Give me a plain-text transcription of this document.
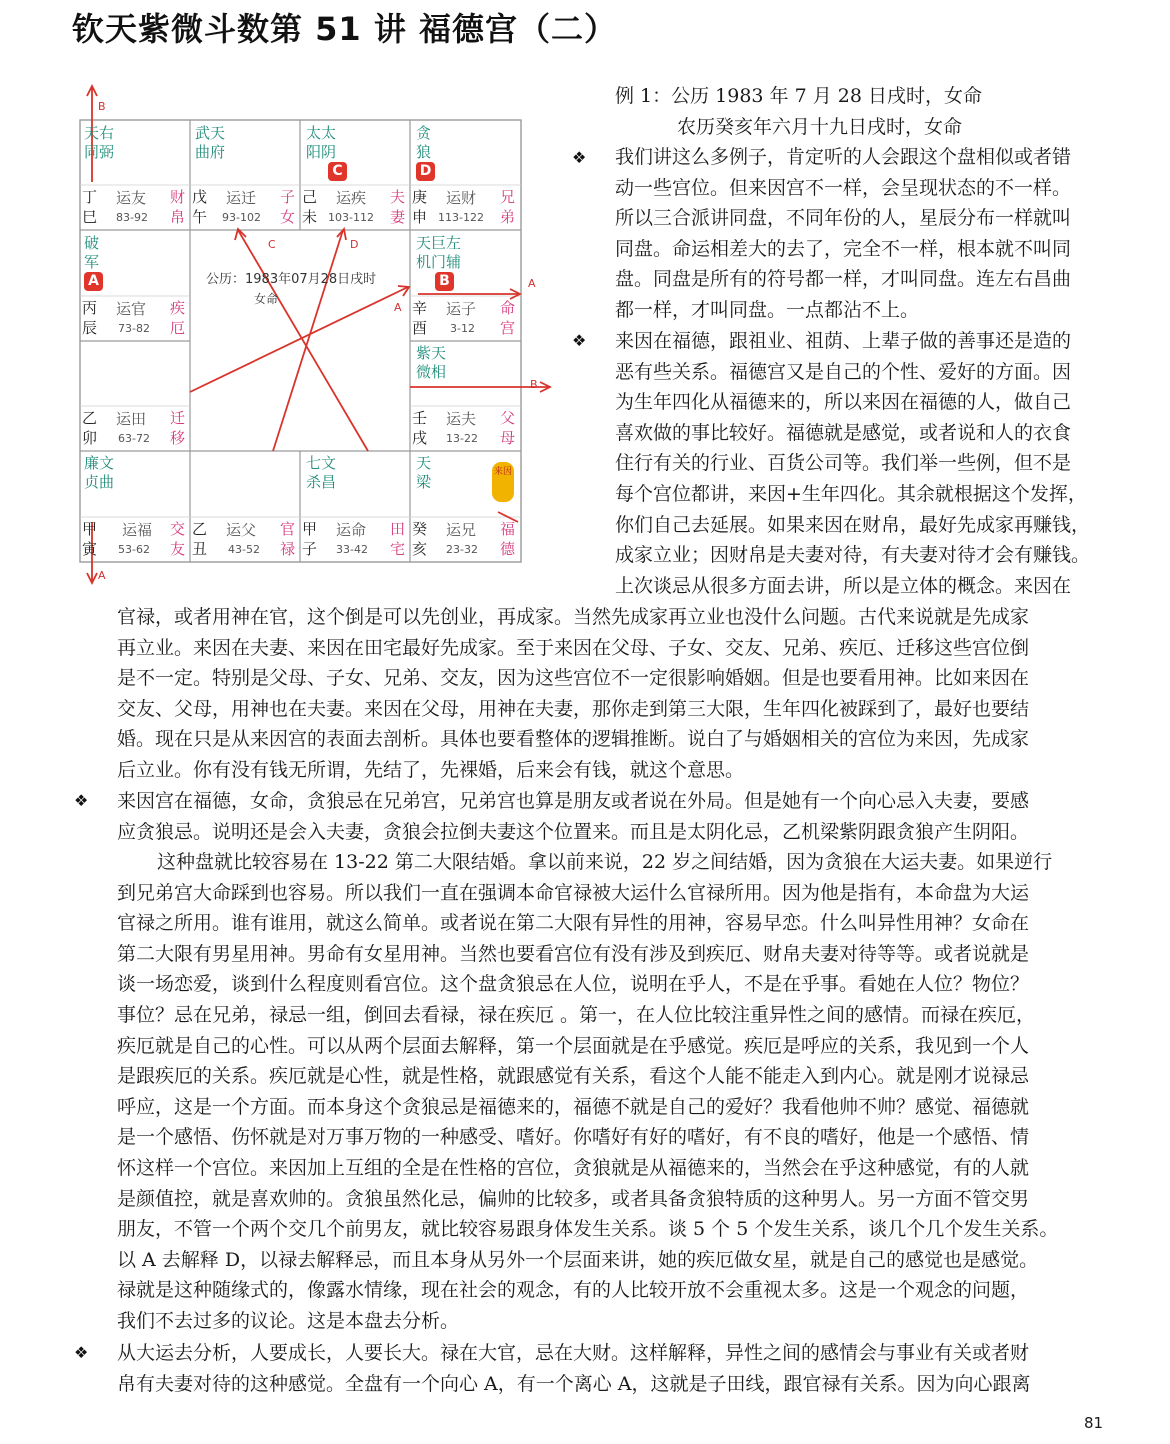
钦天紫微斗数第 51 讲 福德宫（二）
B
C	D
A
A
B
A
天右
同弼
武天
曲府
太太
阳阴
C
贪
狼
D
破
军
A
天巨左
机门辅
B
紫天
微相
廉文
贞曲
七文
杀昌
天
梁
来因
丁巳
运友
83-92
财帛
戊午
运迁
93-102
子女
己未
运疾
103-112
夫妻
庚申
运财
113-122
兄弟
丙辰
运官
73-82
疾厄
辛酉
运子
3-12
命宫
乙卯
运田
63-72
迁移
壬戌
运夫
13-22
父母
甲寅
运福
53-62
交友
乙丑
运父
43-52
官禄
甲子
运命
33-42
田宅
癸亥
运兄
23-32
福德
公历：1983年07月28日戌时
女命
例 1：公历 1983 年 7 月 28 日戌时，女命
农历癸亥年六月十九日戌时，女命
❖
❖
❖
❖
我们讲这么多例子，肯定听的人会跟这个盘相似或者错
动一些宫位。但来因宫不一样，会呈现状态的不一样。
所以三合派讲同盘，不同年份的人，星辰分布一样就叫
同盘。命运相差大的去了，完全不一样，根本就不叫同
盘。同盘是所有的符号都一样，才叫同盘。连左右昌曲
都一样，才叫同盘。一点都沾不上。
来因在福德，跟祖业、祖荫、上辈子做的善事还是造的
恶有些关系。福德宫又是自己的个性、爱好的方面。因
为生年四化从福德来的，所以来因在福德的人，做自己
喜欢做的事比较好。福德就是感觉，或者说和人的衣食
住行有关的行业、百货公司等。我们举一些例，但不是
每个宫位都讲，来因+生年四化。其余就根据这个发挥，
你们自己去延展。如果来因在财帛，最好先成家再赚钱，
成家立业；因财帛是夫妻对待，有夫妻对待才会有赚钱。
上次谈忌从很多方面去讲，所以是立体的概念。来因在
官禄，或者用神在官，这个倒是可以先创业，再成家。当然先成家再立业也没什么问题。古代来说就是先成家
再立业。来因在夫妻、来因在田宅最好先成家。至于来因在父母、子女、交友、兄弟、疾厄、迁移这些宫位倒
是不一定。特别是父母、子女、兄弟、交友，因为这些宫位不一定很影响婚姻。但是也要看用神。比如来因在
交友、父母，用神也在夫妻。来因在父母，用神在夫妻，那你走到第三大限，生年四化被踩到了，最好也要结
婚。现在只是从来因宫的表面去剖析。具体也要看整体的逻辑推断。说白了与婚姻相关的宫位为来因，先成家
后立业。你有没有钱无所谓，先结了，先裸婚，后来会有钱，就这个意思。
来因宫在福德，女命，贪狼忌在兄弟宫，兄弟宫也算是朋友或者说在外局。但是她有一个向心忌入夫妻，要感
应贪狼忌。说明还是会入夫妻，贪狼会拉倒夫妻这个位置来。而且是太阴化忌，乙机梁紫阴跟贪狼产生阴阳。
这种盘就比较容易在 13-22 第二大限结婚。拿以前来说，22 岁之间结婚，因为贪狼在大运夫妻。如果逆行
到兄弟宫大命踩到也容易。所以我们一直在强调本命官禄被大运什么官禄所用。因为他是指有，本命盘为大运
官禄之所用。谁有谁用，就这么简单。或者说在第二大限有异性的用神，容易早恋。什么叫异性用神？女命在
第二大限有男星用神。男命有女星用神。当然也要看宫位有没有涉及到疾厄、财帛夫妻对待等等。或者说就是
谈一场恋爱，谈到什么程度则看宫位。这个盘贪狼忌在人位，说明在乎人，不是在乎事。看她在人位？物位？
事位？忌在兄弟，禄忌一组，倒回去看禄，禄在疾厄 。第一，在人位比较注重异性之间的感情。而禄在疾厄，
疾厄就是自己的心性。可以从两个层面去解释，第一个层面就是在乎感觉。疾厄是呼应的关系，我见到一个人
是跟疾厄的关系。疾厄就是心性，就是性格，就跟感觉有关系，看这个人能不能走入到内心。就是刚才说禄忌
呼应，这是一个方面。而本身这个贪狼忌是福德来的，福德不就是自己的爱好？我看他帅不帅？感觉、福德就
是一个感悟、伤怀就是对万事万物的一种感受、嗜好。你嗜好有好的嗜好，有不良的嗜好，他是一个感悟、情
怀这样一个宫位。来因加上互组的全是在性格的宫位，贪狼就是从福德来的，当然会在乎这种感觉，有的人就
是颜值控，就是喜欢帅的。贪狼虽然化忌，偏帅的比较多，或者具备贪狼特质的这种男人。另一方面不管交男
朋友，不管一个两个交几个前男友，就比较容易跟身体发生关系。谈 5 个 5 个发生关系，谈几个几个发生关系。
以 A 去解释 D，以禄去解释忌，而且本身从另外一个层面来讲，她的疾厄做女星，就是自己的感觉也是感觉。
禄就是这种随缘式的，像露水情缘，现在社会的观念，有的人比较开放不会重视太多。这是一个观念的问题，
我们不去过多的议论。这是本盘去分析。
从大运去分析，人要成长，人要长大。禄在大官，忌在大财。这样解释，异性之间的感情会与事业有关或者财
帛有夫妻对待的这种感觉。全盘有一个向心 A，有一个离心 A，这就是子田线，跟官禄有关系。因为向心跟离
81
